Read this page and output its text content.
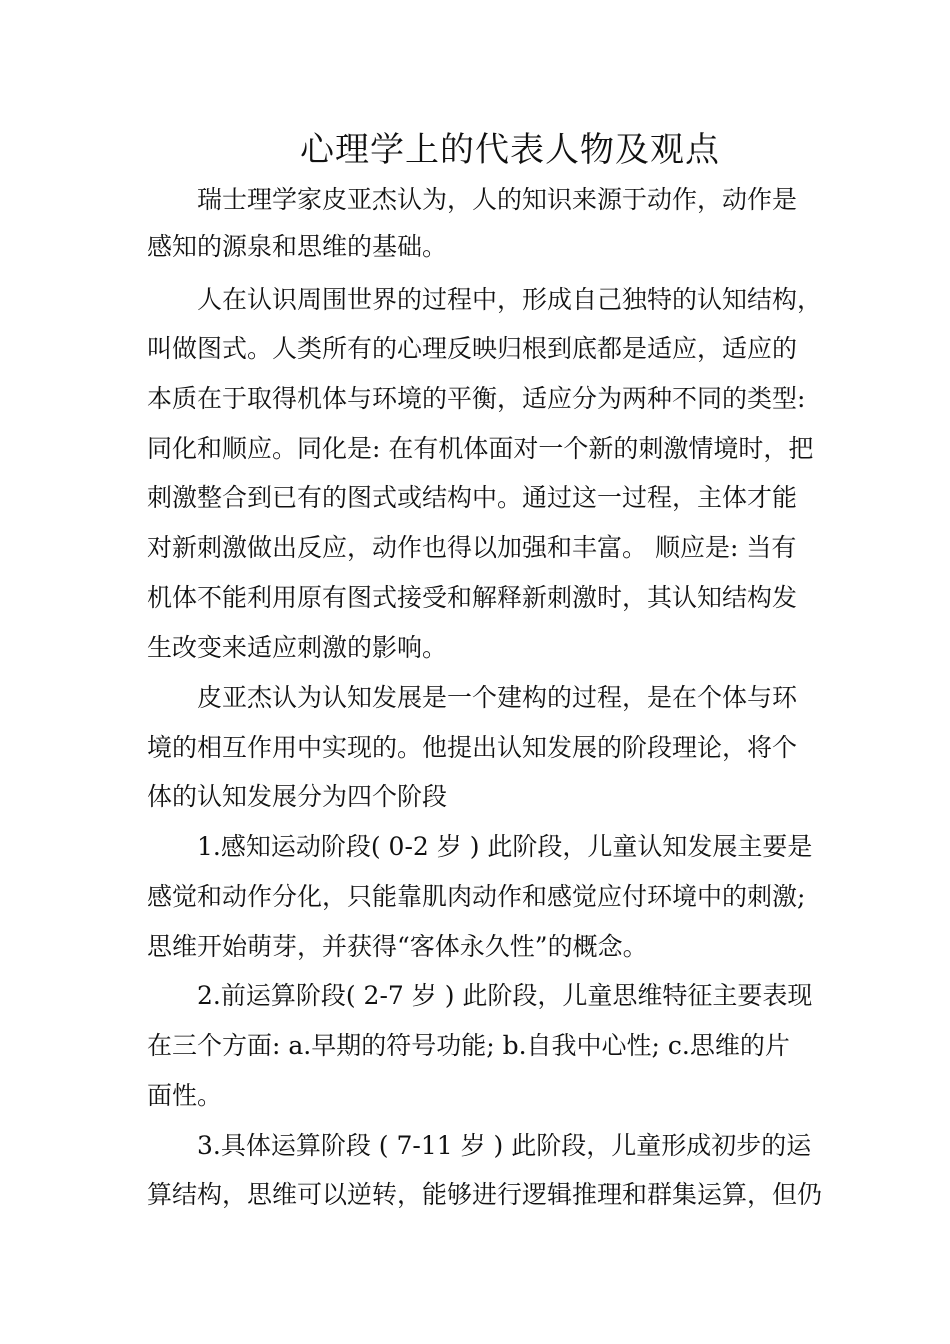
心理学上的代表人物及观点
瑞士理学家皮亚杰认为，人的知识来源于动作，动作是
感知的源泉和思维的基础。
人在认识周围世界的过程中，形成自己独特的认知结构，
叫做图式。人类所有的心理反映归根到底都是适应，适应的
本质在于取得机体与环境的平衡，适应分为两种不同的类型:
同化和顺应。同化是: 在有机体面对一个新的刺激情境时，把
刺激整合到已有的图式或结构中。通过这一过程，主体才能
对新刺激做出反应，动作也得以加强和丰富。 顺应是: 当有
机体不能利用原有图式接受和解释新刺激时，其认知结构发
生改变来适应刺激的影响。
皮亚杰认为认知发展是一个建构的过程，是在个体与环
境的相互作用中实现的。他提出认知发展的阶段理论，将个
体的认知发展分为四个阶段
1.感知运动阶段( 0-2 岁 ) 此阶段，儿童认知发展主要是
感觉和动作分化，只能靠肌肉动作和感觉应付环境中的刺激;
思维开始萌芽，并获得“客体永久性”的概念。
2.前运算阶段( 2-7 岁 ) 此阶段，儿童思维特征主要表现
在三个方面: a.早期的符号功能; b.自我中心性; c.思维的片
面性。
3.具体运算阶段 ( 7-11 岁 ) 此阶段，儿童形成初步的运
算结构，思维可以逆转，能够进行逻辑推理和群集运算，但仍
